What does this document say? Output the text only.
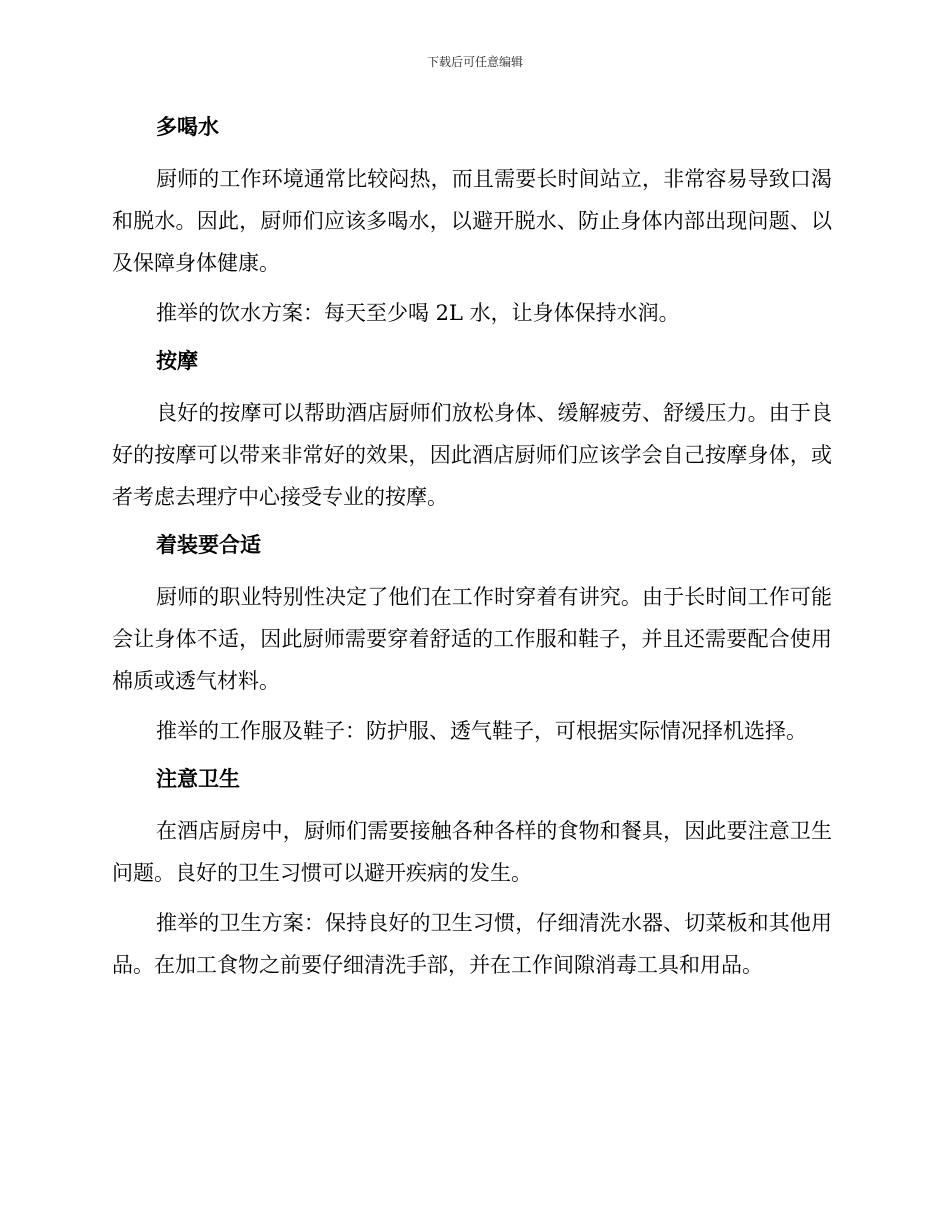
下载后可任意编辑
多喝水

厨师的工作环境通常比较闷热，而且需要长时间站立，非常容易导致口渴和脱水。因此，厨师们应该多喝水，以避开脱水、防止身体内部出现问题、以及保障身体健康。

推举的饮水方案：每天至少喝 2L 水，让身体保持水润。

按摩

良好的按摩可以帮助酒店厨师们放松身体、缓解疲劳、舒缓压力。由于良好的按摩可以带来非常好的效果，因此酒店厨师们应该学会自己按摩身体，或者考虑去理疗中心接受专业的按摩。

着装要合适

厨师的职业特别性决定了他们在工作时穿着有讲究。由于长时间工作可能会让身体不适，因此厨师需要穿着舒适的工作服和鞋子，并且还需要配合使用棉质或透气材料。

推举的工作服及鞋子：防护服、透气鞋子，可根据实际情况择机选择。

注意卫生

在酒店厨房中，厨师们需要接触各种各样的食物和餐具，因此要注意卫生问题。良好的卫生习惯可以避开疾病的发生。

推举的卫生方案：保持良好的卫生习惯，仔细清洗水器、切菜板和其他用品。在加工食物之前要仔细清洗手部，并在工作间隙消毒工具和用品。
